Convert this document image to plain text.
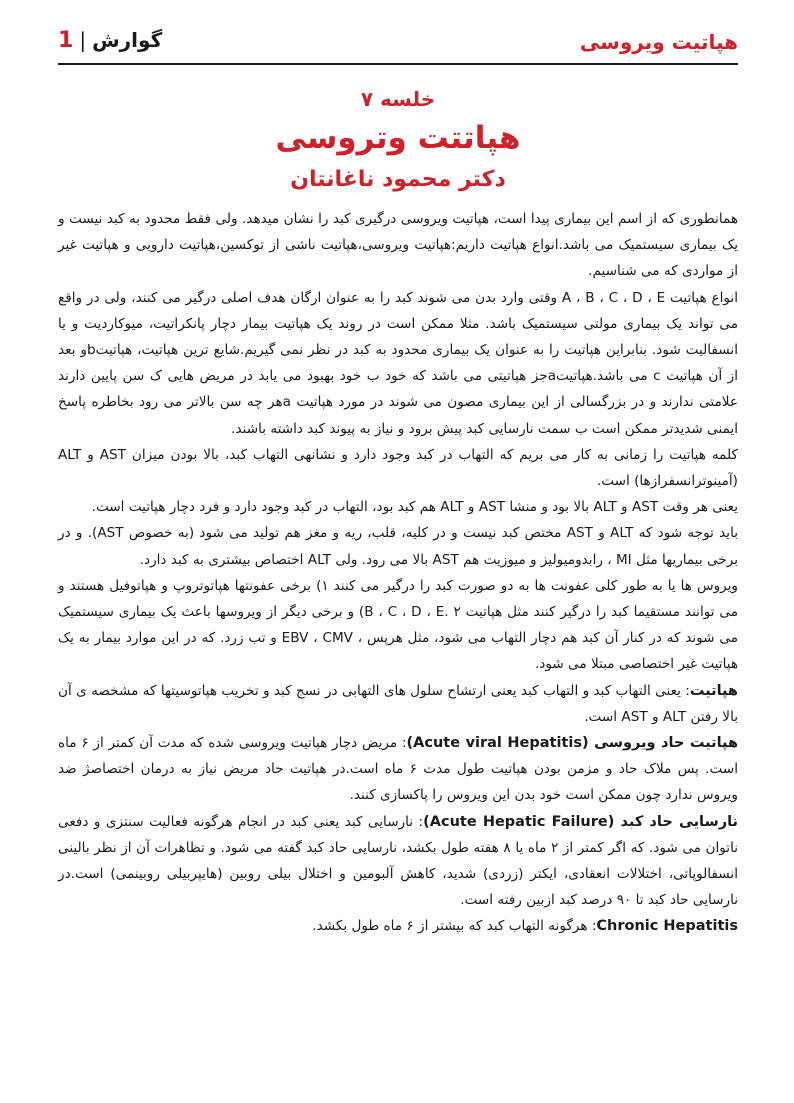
هپاتیت ویروسی
گوارش|1

خلسه ۷

هپاتتت وتروسی

دکتر محمود ناغانتان

همانطوری که از اسم این بیماری پیدا است، هپاتیت ویروسی درگیری کبد را نشان میدهد. ولی فقط محدود به کبد نیست و یک بیماری سیستمیک می باشد.انواع هپاتیت داریم:هپاتیت ویروسی،هپاتیت ناشی از توکسین،هپاتیت دارویی و هپاتیت غیر از مواردی که می شناسیم.

انواع هپاتیت A ، B ، C ، D ، E وقتی وارد بدن می شوند کبد را به عنوان ارگان هدف اصلی درگیر می کنند، ولی در واقع می تواند یک بیماری مولتی سیستمیک باشد. مثلا ممکن است در روند یک هپاتیت بیمار دچار پانکراتیت، میوکاردیت و یا انسفالیت شود. بنابراین هپاتیت را به عنوان یک بیماری محدود به کبد در نظر نمی گیریم.شایع ترین هپاتیت، هپاتیتbو بعد از آن هپاتیت c می باشد.هپاتیتaجز هپاتیتی می باشد که خود ب خود بهبود می یابد در مریض هایی ک سن پایین دارند علامتی ندارند و در بزرگسالی از این بیماری مصون می شوند در مورد هپاتیت aهر چه سن بالاتر می رود بخاطره پاسخ ایمنی شدیدتر ممکن است ب سمت نارسایی کبد پیش برود و نیاز به پیوند کبد داشته باشند.

کلمه هپاتیت را زمانی به کار می بریم که التهاب در کبد وجود دارد و نشانهی التهاب کبد، بالا بودن میزان AST و ALT (آمینوترانسفرازها) است.

یعنی هر وقت AST و ALT بالا بود و منشا AST و ALT هم کبد بود، التهاب در کبد وجود دارد و فرد دچار هپاتیت است.

باید توجه شود که ALT و AST مختص کبد نیست و در کلیه، قلب، ریه و مغز هم تولید می شود (به خصوص AST). و در برخی بیماریها مثل MI ، رابدومیولیز و میوزیت هم AST بالا می رود. ولی ALT اختصاص بیشتری به کبد دارد.

ویروس ها یا به طور کلی عفونت ها به دو صورت کبد را درگیر می کنند ۱) برخی عفونتها هپاتوتروپ و هپاتوفیل هستند و می توانند مستقیما کبد را درگیر کنند مثل هپاتیت B ، C ، D ، E. ۲) و برخی دیگر از ویروسها باعث یک بیماری سیستمیک می شوند که در کنار آن کبد هم دچار التهاب می شود، مثل هرپس ، EBV ، CMV و تب زرد. که در این موارد بیمار به یک هپاتیت غیر اختصاصی مبتلا می شود.

هپاتیت: یعنی التهاب کبد و التهاب کبد یعنی ارتشاح سلول های التهابی در نسج کبد و تخریب هپاتوسیتها که مشخصه ی آن بالا رفتن ALT و AST است.

هپاتیت حاد ویروسی (Acute viral Hepatitis): مریض دچار هپاتیت ویروسی شده که مدت آن کمتر از ۶ ماه است. پس ملاک حاد و مزمن بودن هپاتیت طول مدت ۶ ماه است.در هپاتیت حاد مریض نیاز به درمان اختصاصژ ضد ویروس ندارد چون ممکن است خود بدن این ویروس را پاکسازی کنند.

نارسایی حاد کبد (Acute Hepatic Failure): نارسایی کبد یعنی کبد در انجام هرگونه فعالیت سنتزی و دفعی ناتوان می شود. که اگر کمتر از ۲ ماه یا ۸ هفته طول بکشد، نارسایی حاد کبد گفته می شود. و تظاهرات آن از نظر بالینی انسفالوپاتی، اختلالات انعقادی، ایکتر (زردی) شدید، کاهش آلبومین و اختلال بیلی روبین (هایپربیلی روبینمی) است.در نارسایی حاد کبد تا ۹۰ درصد کبد ازبین رفته است.

Chronic Hepatitis: هرگونه التهاب کبد که بیشتر از ۶ ماه طول بکشد.
